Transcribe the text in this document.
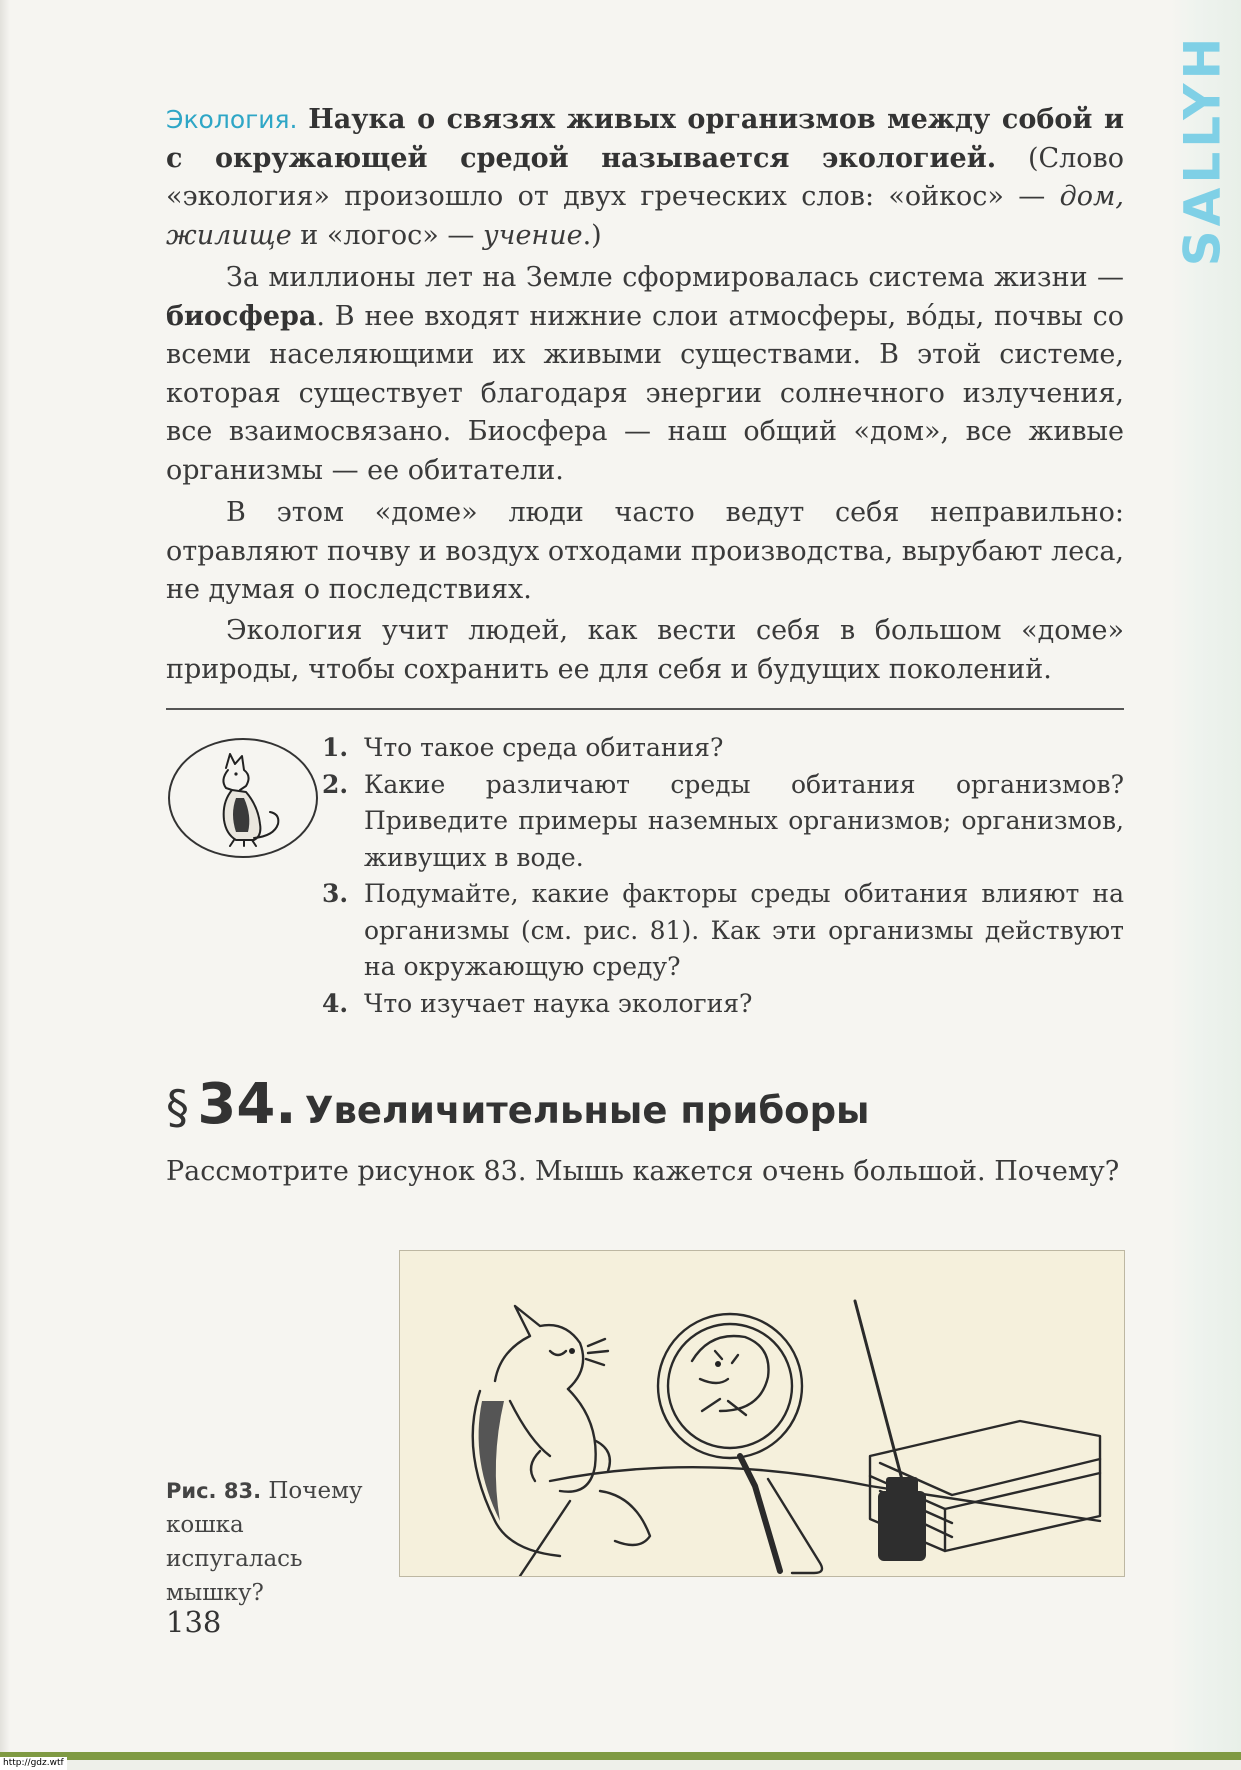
SALLYH

Экология. Наука о связях живых организмов между собой и с окружающей средой называется экологией. (Слово «экология» произошло от двух греческих слов: «ойкос» — дом, жилище и «логос» — учение.)

За миллионы лет на Земле сформировалась система жизни — биосфера. В нее входят нижние слои атмосферы, во́ды, почвы со всеми населяющими их живыми существами. В этой системе, которая существует благодаря энергии солнечного излучения, все взаимосвязано. Биосфера — наш общий «дом», все живые организмы — ее обитатели.

В этом «доме» люди часто ведут себя неправильно: отравляют почву и воздух отходами производства, вырубают леса, не думая о последствиях.

Экология учит людей, как вести себя в большом «доме» природы, чтобы сохранить ее для себя и будущих поколений.

1. Что такое среда обитания?
2. Какие различают среды обитания организмов? Приведите примеры наземных организмов; организмов, живущих в воде.
3. Подумайте, какие факторы среды обитания влияют на организмы (см. рис. 81). Как эти организмы действуют на окружающую среду?
4. Что изучает наука экология?
§ 34. Увеличительные приборы

Рассмотрите рисунок 83. Мышь кажется очень большой. Почему?

Рис. 83. Почему кошка испугалась мышку?

138

http://gdz.wtf
